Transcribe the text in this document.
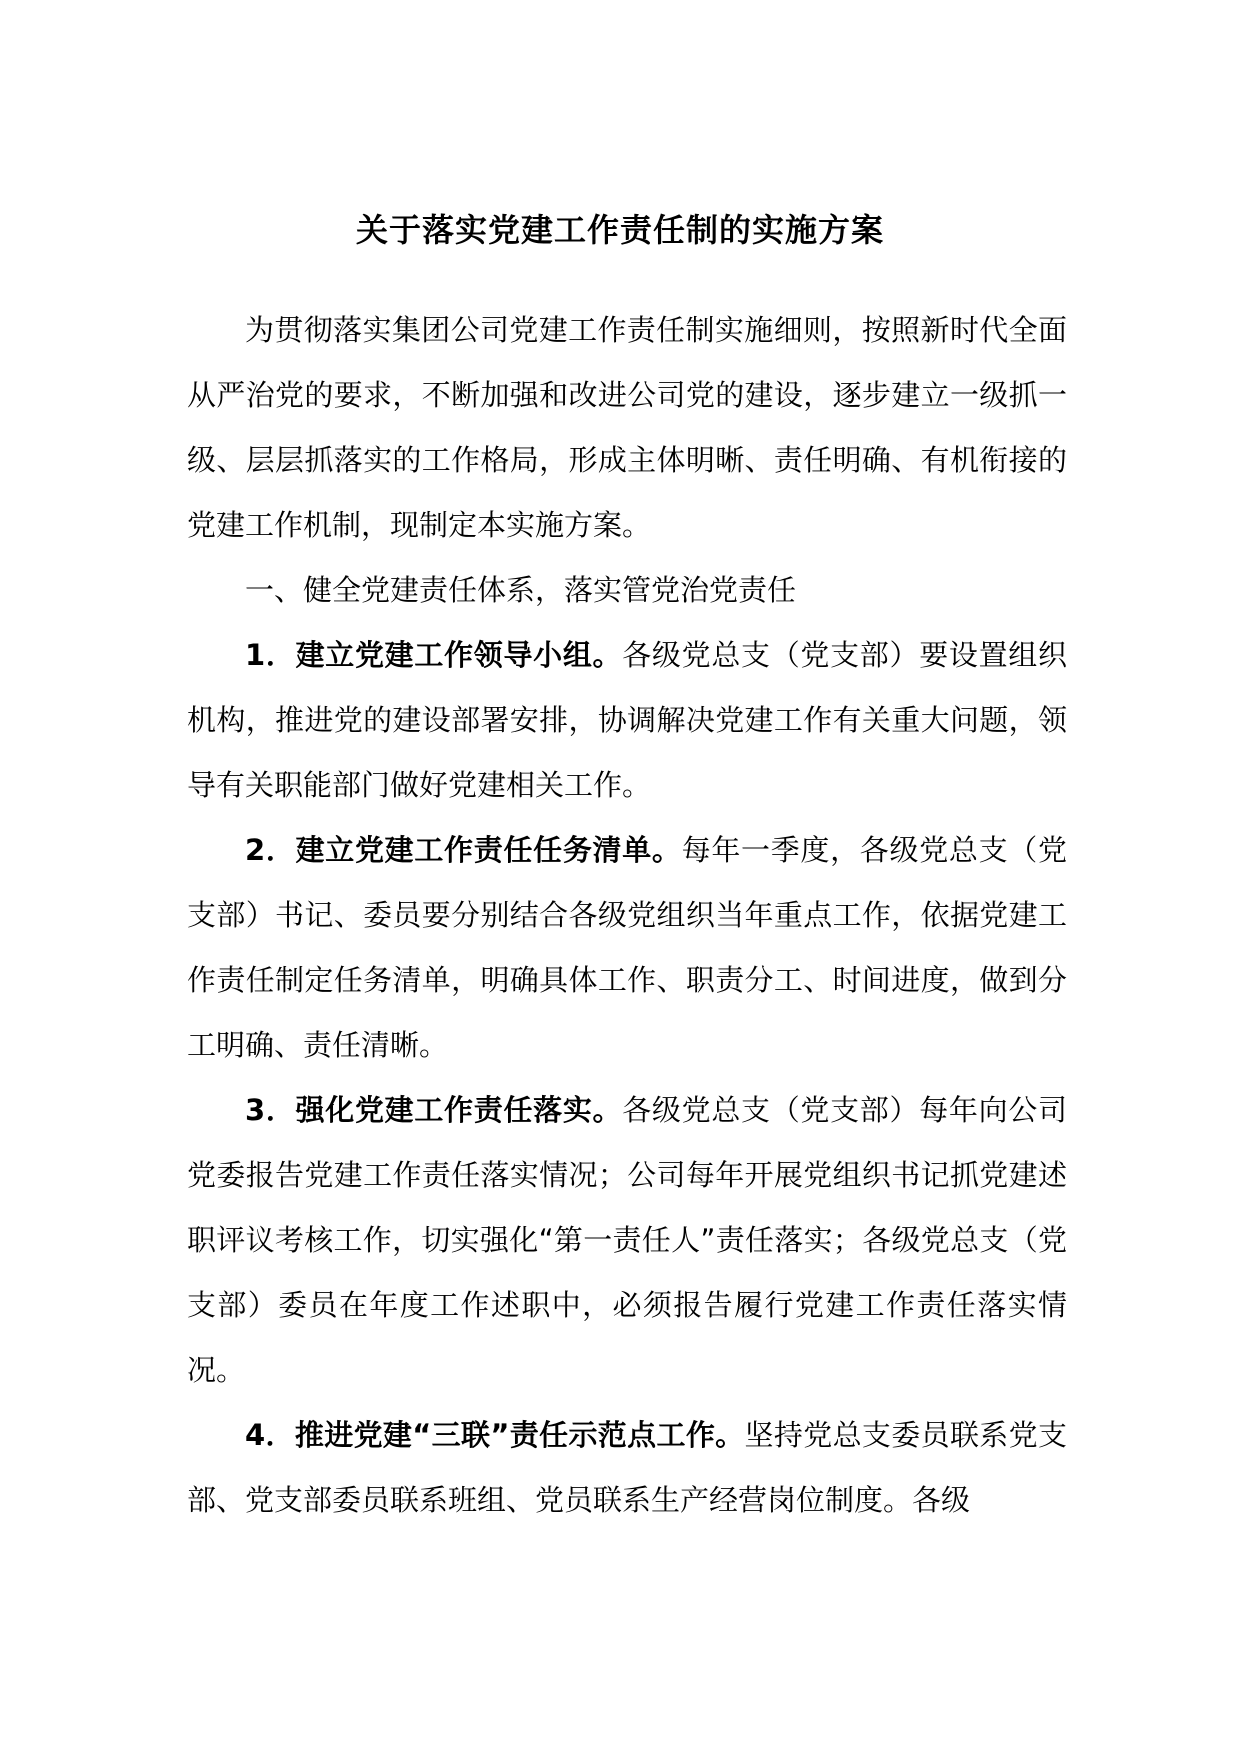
关于落实党建工作责任制的实施方案

为贯彻落实集团公司党建工作责任制实施细则，按照新时代全面从严治党的要求，不断加强和改进公司党的建设，逐步建立一级抓一级、层层抓落实的工作格局，形成主体明晰、责任明确、有机衔接的党建工作机制，现制定本实施方案。

一、健全党建责任体系，落实管党治党责任

1．建立党建工作领导小组。各级党总支（党支部）要设置组织机构，推进党的建设部署安排，协调解决党建工作有关重大问题，领导有关职能部门做好党建相关工作。

2．建立党建工作责任任务清单。每年一季度，各级党总支（党支部）书记、委员要分别结合各级党组织当年重点工作，依据党建工作责任制定任务清单，明确具体工作、职责分工、时间进度，做到分工明确、责任清晰。

3．强化党建工作责任落实。各级党总支（党支部）每年向公司党委报告党建工作责任落实情况；公司每年开展党组织书记抓党建述职评议考核工作，切实强化“第一责任人”责任落实；各级党总支（党支部）委员在年度工作述职中，必须报告履行党建工作责任落实情况。

4．推进党建“三联”责任示范点工作。坚持党总支委员联系党支部、党支部委员联系班组、党员联系生产经营岗位制度。各级
